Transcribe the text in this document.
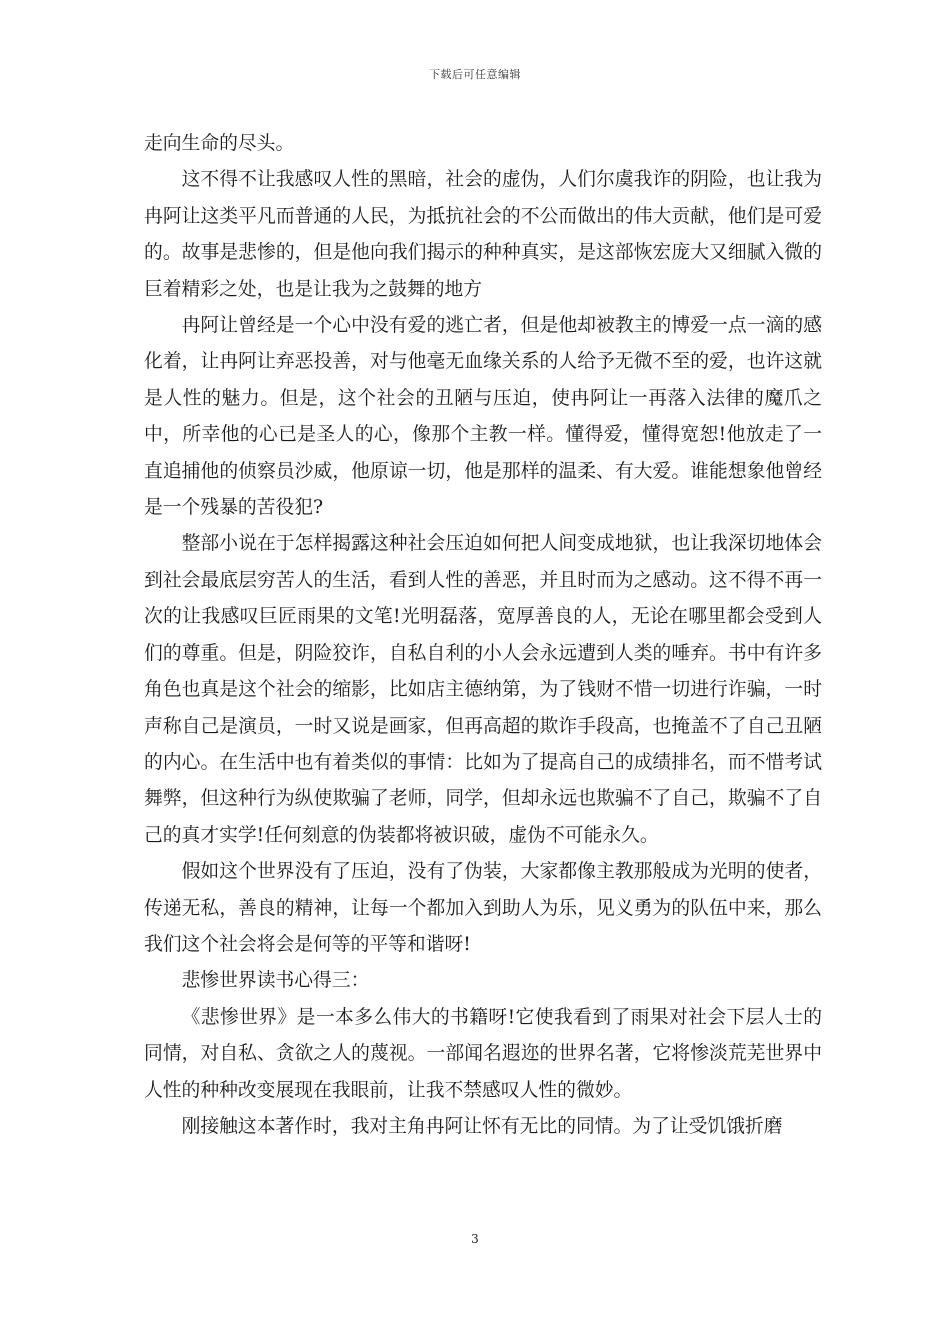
下载后可任意编辑

走向生命的尽头。

这不得不让我感叹人性的黑暗，社会的虚伪，人们尔虞我诈的阴险，也让我为冉阿让这类平凡而普通的人民，为抵抗社会的不公而做出的伟大贡献，他们是可爱的。故事是悲惨的，但是他向我们揭示的种种真实，是这部恢宏庞大又细腻入微的巨着精彩之处，也是让我为之鼓舞的地方

冉阿让曾经是一个心中没有爱的逃亡者，但是他却被教主的博爱一点一滴的感化着，让冉阿让弃恶投善，对与他毫无血缘关系的人给予无微不至的爱，也许这就是人性的魅力。但是，这个社会的丑陋与压迫，使冉阿让一再落入法律的魔爪之中，所幸他的心已是圣人的心，像那个主教一样。懂得爱，懂得宽恕!他放走了一直追捕他的侦察员沙威，他原谅一切，他是那样的温柔、有大爱。谁能想象他曾经是一个残暴的苦役犯?

整部小说在于怎样揭露这种社会压迫如何把人间变成地狱，也让我深切地体会到社会最底层穷苦人的生活，看到人性的善恶，并且时而为之感动。这不得不再一次的让我感叹巨匠雨果的文笔!光明磊落，宽厚善良的人，无论在哪里都会受到人们的尊重。但是，阴险狡诈，自私自利的小人会永远遭到人类的唾弃。书中有许多角色也真是这个社会的缩影，比如店主德纳第，为了钱财不惜一切进行诈骗，一时声称自己是演员，一时又说是画家，但再高超的欺诈手段高，也掩盖不了自己丑陋的内心。在生活中也有着类似的事情：比如为了提高自己的成绩排名，而不惜考试舞弊，但这种行为纵使欺骗了老师，同学，但却永远也欺骗不了自己，欺骗不了自己的真才实学!任何刻意的伪装都将被识破，虚伪不可能永久。

假如这个世界没有了压迫，没有了伪装，大家都像主教那般成为光明的使者，传递无私，善良的精神，让每一个都加入到助人为乐，见义勇为的队伍中来，那么我们这个社会将会是何等的平等和谐呀!

悲惨世界读书心得三：

《悲惨世界》是一本多么伟大的书籍呀!它使我看到了雨果对社会下层人士的同情，对自私、贪欲之人的蔑视。一部闻名遐迩的世界名著，它将惨淡荒芜世界中人性的种种改变展现在我眼前，让我不禁感叹人性的微妙。

刚接触这本著作时，我对主角冉阿让怀有无比的同情。为了让受饥饿折磨

3
